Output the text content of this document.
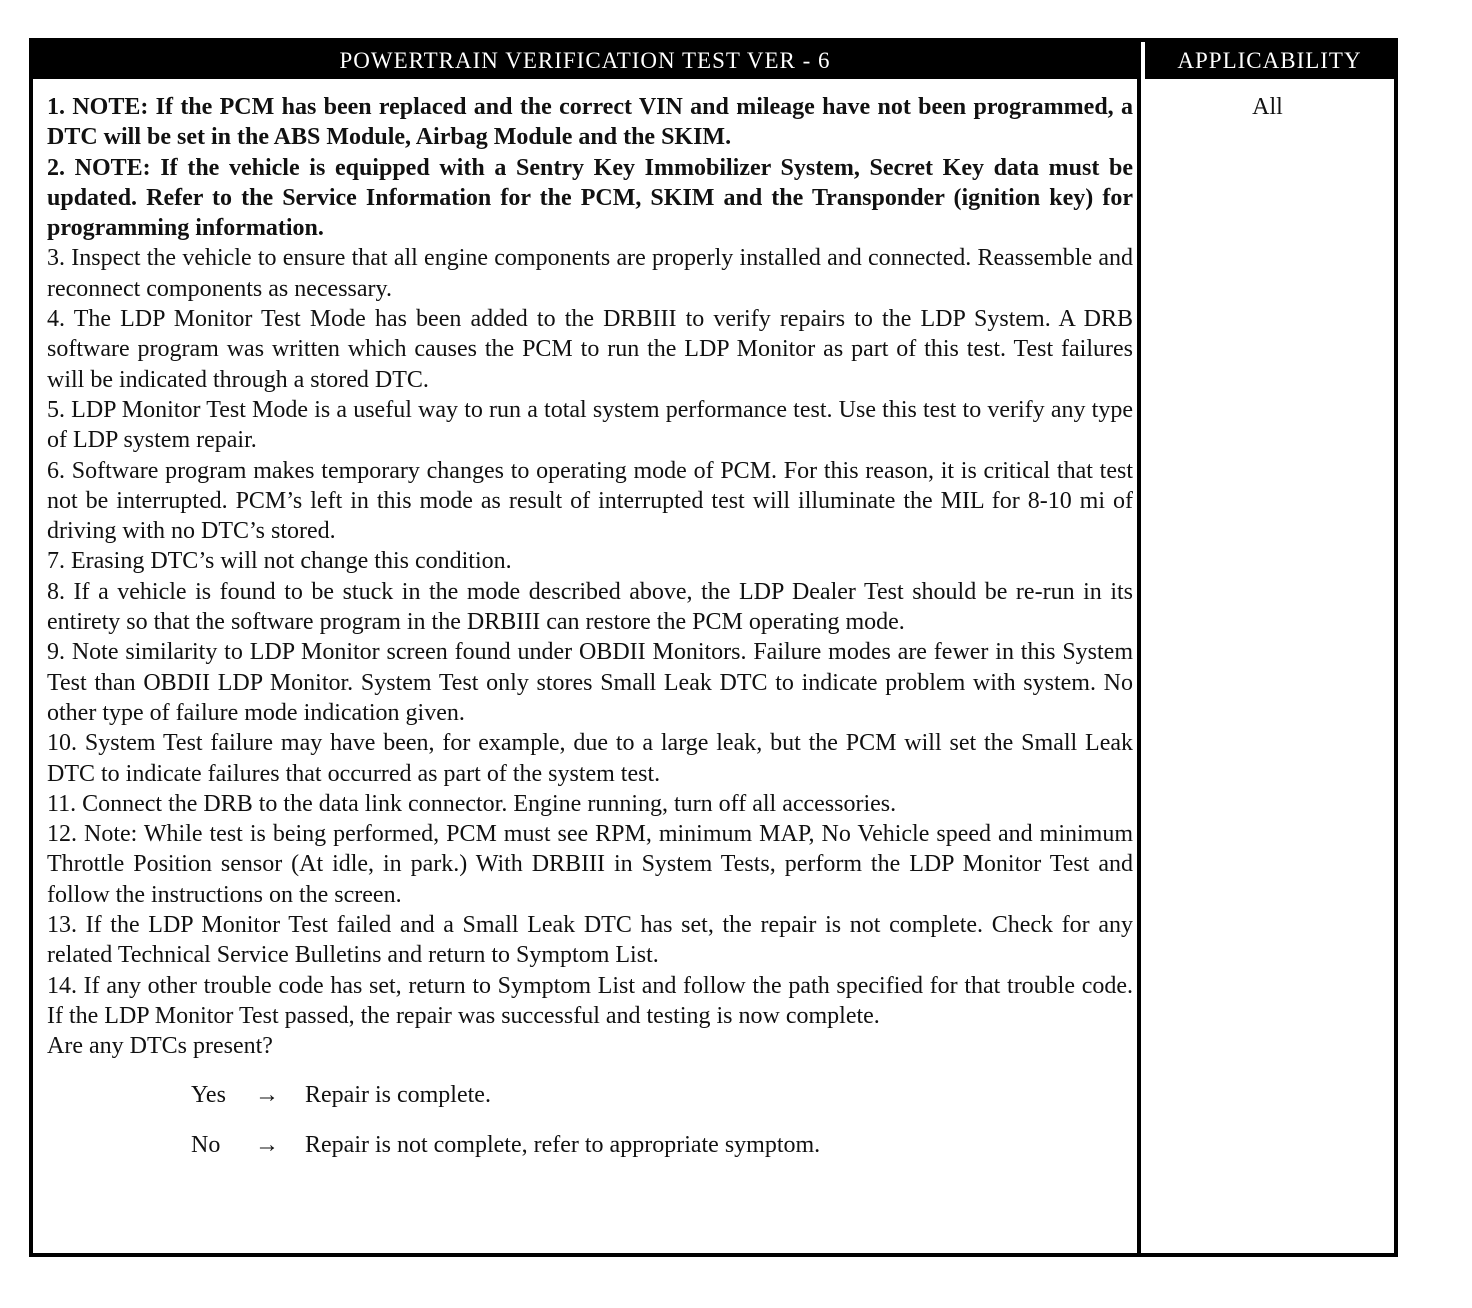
POWERTRAIN VERIFICATION TEST VER - 6	APPLICABILITY

1. NOTE: If the PCM has been replaced and the correct VIN and mileage have not been programmed, a DTC will be set in the ABS Module, Airbag Module and the SKIM.

2. NOTE: If the vehicle is equipped with a Sentry Key Immobilizer System, Secret Key data must be updated. Refer to the Service Information for the PCM, SKIM and the Transponder (ignition key) for programming information.

3. Inspect the vehicle to ensure that all engine components are properly installed and connected. Reassemble and reconnect components as necessary.

4. The LDP Monitor Test Mode has been added to the DRBIII to verify repairs to the LDP System. A DRB software program was written which causes the PCM to run the LDP Monitor as part of this test. Test failures will be indicated through a stored DTC.

5. LDP Monitor Test Mode is a useful way to run a total system performance test. Use this test to verify any type of LDP system repair.

6. Software program makes temporary changes to operating mode of PCM. For this reason, it is critical that test not be interrupted. PCM’s left in this mode as result of interrupted test will illuminate the MIL for 8-10 mi of driving with no DTC’s stored.

7. Erasing DTC’s will not change this condition.

8. If a vehicle is found to be stuck in the mode described above, the LDP Dealer Test should be re-run in its entirety so that the software program in the DRBIII can restore the PCM operating mode.

9. Note similarity to LDP Monitor screen found under OBDII Monitors. Failure modes are fewer in this System Test than OBDII LDP Monitor. System Test only stores Small Leak DTC to indicate problem with system. No other type of failure mode indication given.

10. System Test failure may have been, for example, due to a large leak, but the PCM will set the Small Leak DTC to indicate failures that occurred as part of the system test.

11. Connect the DRB to the data link connector. Engine running, turn off all accessories.

12. Note: While test is being performed, PCM must see RPM, minimum MAP, No Vehicle speed and minimum Throttle Position sensor (At idle, in park.) With DRBIII in System Tests, perform the LDP Monitor Test and follow the instructions on the screen.

13. If the LDP Monitor Test failed and a Small Leak DTC has set, the repair is not complete. Check for any related Technical Service Bulletins and return to Symptom List.

14. If any other trouble code has set, return to Symptom List and follow the path specified for that trouble code. If the LDP Monitor Test passed, the repair was successful and testing is now complete.

Are any DTCs present?

Yes	→	Repair is complete.
No	→	Repair is not complete, refer to appropriate symptom.
All
